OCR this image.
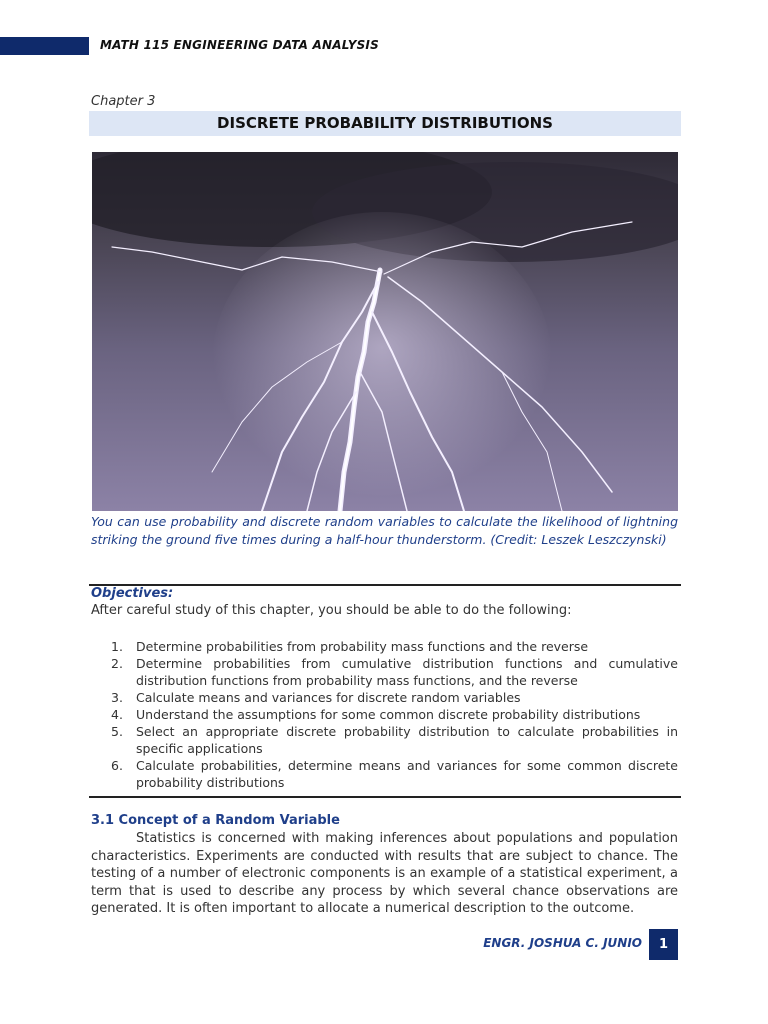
MATH 115 ENGINEERING DATA ANALYSIS
Chapter 3
DISCRETE PROBABILITY DISTRIBUTIONS
You can use probability and discrete random variables to calculate the likelihood of lightning striking the ground five times during a half-hour thunderstorm. (Credit: Leszek Leszczynski)
Objectives:
After careful study of this chapter, you should be able to do the following:
1. Determine probabilities from probability mass functions and the reverse
2. Determine probabilities from cumulative distribution functions and cumulative distribution functions from probability mass functions, and the reverse
3. Calculate means and variances for discrete random variables
4. Understand the assumptions for some common discrete probability distributions
5. Select an appropriate discrete probability distribution to calculate probabilities in specific applications
6. Calculate probabilities, determine means and variances for some common discrete probability distributions
3.1 Concept of a Random Variable
Statistics is concerned with making inferences about populations and population characteristics. Experiments are conducted with results that are subject to chance. The testing of a number of electronic components is an example of a statistical experiment, a term that is used to describe any process by which several chance observations are generated. It is often important to allocate a numerical description to the outcome.
ENGR. JOSHUA C. JUNIO	1
